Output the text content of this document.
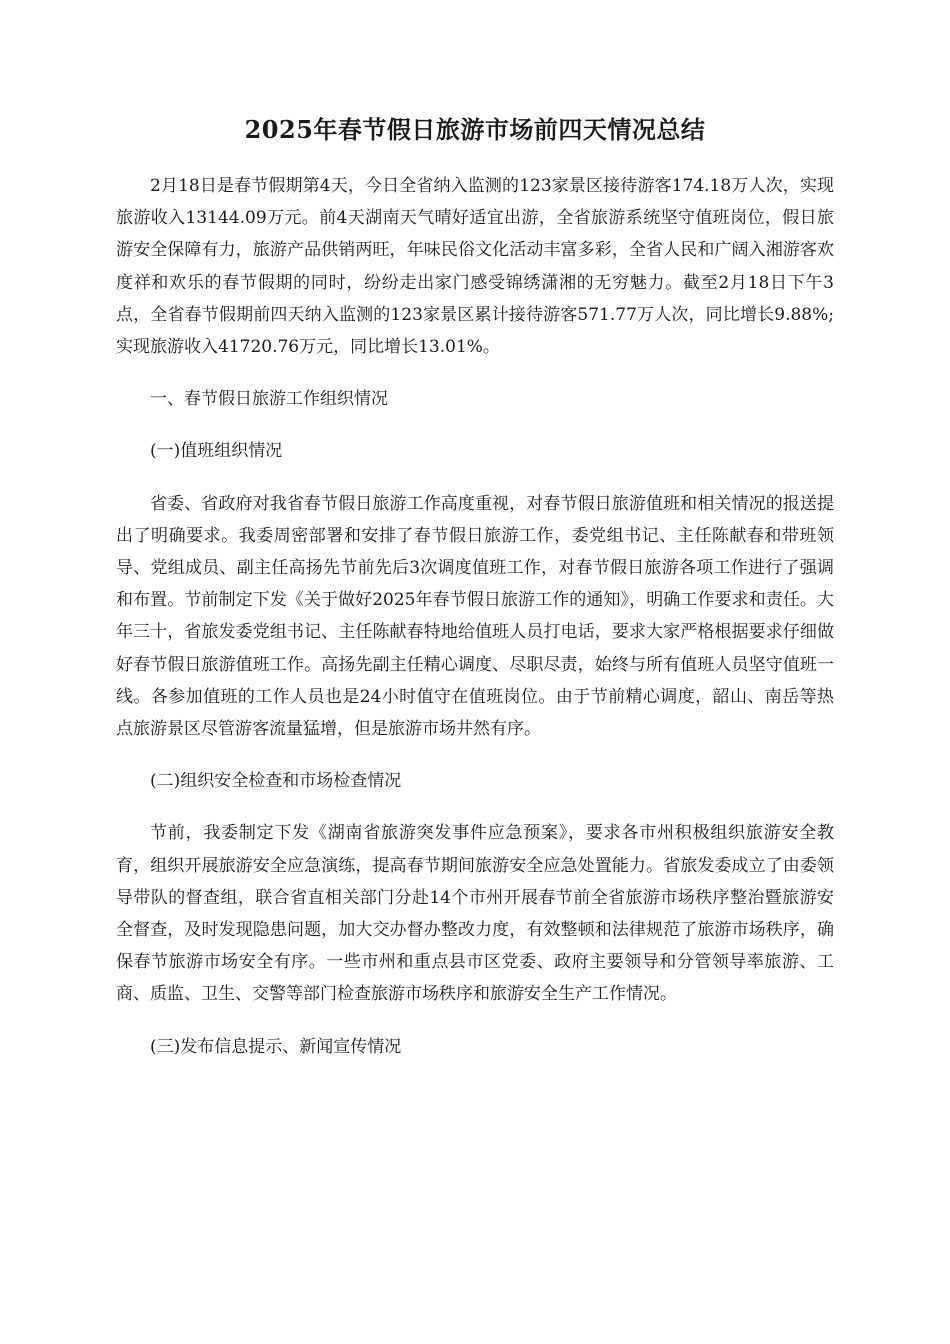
2025年春节假日旅游市场前四天情况总结

2月18日是春节假期第4天，今日全省纳入监测的123家景区接待游客174.18万人次，实现旅游收入13144.09万元。前4天湖南天气晴好适宜出游，全省旅游系统坚守值班岗位，假日旅游安全保障有力，旅游产品供销两旺，年味民俗文化活动丰富多彩，全省人民和广阔入湘游客欢度祥和欢乐的春节假期的同时，纷纷走出家门感受锦绣潇湘的无穷魅力。截至2月18日下午3点，全省春节假期前四天纳入监测的123家景区累计接待游客571.77万人次，同比增长9.88%;实现旅游收入41720.76万元，同比增长13.01%。

一、春节假日旅游工作组织情况

(一)值班组织情况

省委、省政府对我省春节假日旅游工作高度重视，对春节假日旅游值班和相关情况的报送提出了明确要求。我委周密部署和安排了春节假日旅游工作，委党组书记、主任陈献春和带班领导、党组成员、副主任高扬先节前先后3次调度值班工作，对春节假日旅游各项工作进行了强调和布置。节前制定下发《关于做好2025年春节假日旅游工作的通知》，明确工作要求和责任。大年三十，省旅发委党组书记、主任陈献春特地给值班人员打电话，要求大家严格根据要求仔细做好春节假日旅游值班工作。高扬先副主任精心调度、尽职尽责，始终与所有值班人员坚守值班一线。各参加值班的工作人员也是24小时值守在值班岗位。由于节前精心调度，韶山、南岳等热点旅游景区尽管游客流量猛增，但是旅游市场井然有序。

(二)组织安全检查和市场检查情况

节前，我委制定下发《湖南省旅游突发事件应急预案》，要求各市州积极组织旅游安全教育，组织开展旅游安全应急演练，提高春节期间旅游安全应急处置能力。省旅发委成立了由委领导带队的督查组，联合省直相关部门分赴14个市州开展春节前全省旅游市场秩序整治暨旅游安全督查，及时发现隐患问题，加大交办督办整改力度，有效整顿和法律规范了旅游市场秩序，确保春节旅游市场安全有序。一些市州和重点县市区党委、政府主要领导和分管领导率旅游、工商、质监、卫生、交警等部门检查旅游市场秩序和旅游安全生产工作情况。

(三)发布信息提示、新闻宣传情况
